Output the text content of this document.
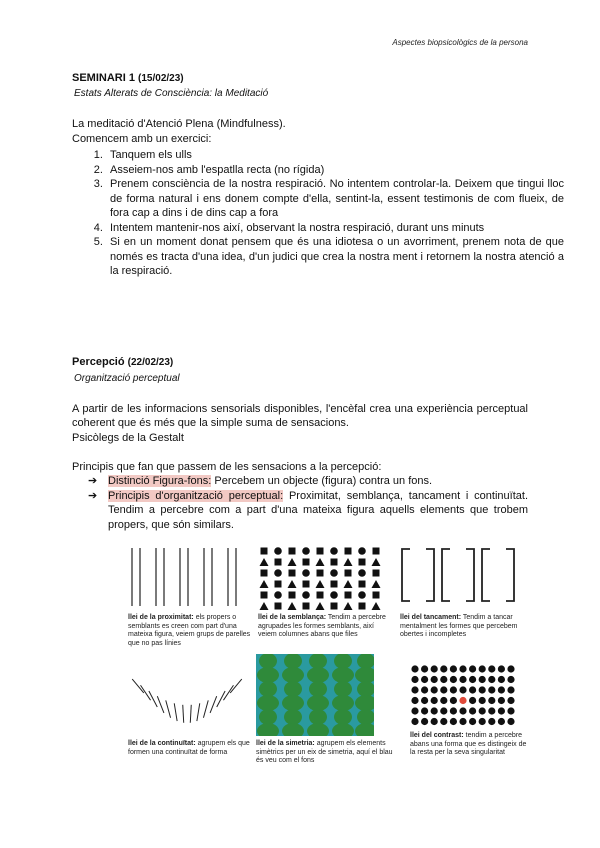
Aspectes biopsicològics de la persona
SEMINARI 1 (15/02/23)
Estats Alterats de Consciència: la Meditació
La meditació d'Atenció Plena (Mindfulness).
Comencem amb un exercici:
1. Tanquem els ulls
2. Asseiem-nos amb l'espatlla recta (no rígida)
3. Prenem consciència de la nostra respiració. No intentem controlar-la. Deixem que tingui lloc de forma natural i ens donem compte d'ella, sentint-la, essent testimonis de com flueix, de fora cap a dins i de dins cap a fora
4. Intentem mantenir-nos així, observant la nostra respiració, durant uns minuts
5. Si en un moment donat pensem que és una idiotesa o un avorriment, prenem nota de que només es tracta d'una idea, d'un judici que crea la nostra ment i retornem la nostra atenció a la respiració.
Percepció (22/02/23)
Organització perceptual
A partir de les informacions sensorials disponibles, l'encèfal crea una experiència perceptual coherent que és més que la simple suma de sensacions.
Psicòlegs de la Gestalt
Principis que fan que passem de les sensacions a la percepció:
➔ Distinció Figura-fons: Percebem un objecte (figura) contra un fons.
➔ Principis d'organització perceptual: Proximitat, semblança, tancament i continuïtat. Tendim a percebre com a part d'una mateixa figura aquells elements que trobem propers, que són similars.
llei de la proximitat: els propers o semblants es creen com part d'una mateixa figura, veiem grups de parelles que no pas línies
llei de la semblança: Tendim a percebre agrupades les formes semblants, així veiem columnes abans que files
llei del tancament: Tendim a tancar mentalment les formes que percebem obertes i incompletes
llei de la continuïtat: agrupem els que formen una continuïtat de forma
llei de la simetria: agrupem els elements simètrics per un eix de simetria, aquí el blau és veu com el fons
llei del contrast: tendim a percebre abans una forma que es distingeix de la resta per la seva singularitat
